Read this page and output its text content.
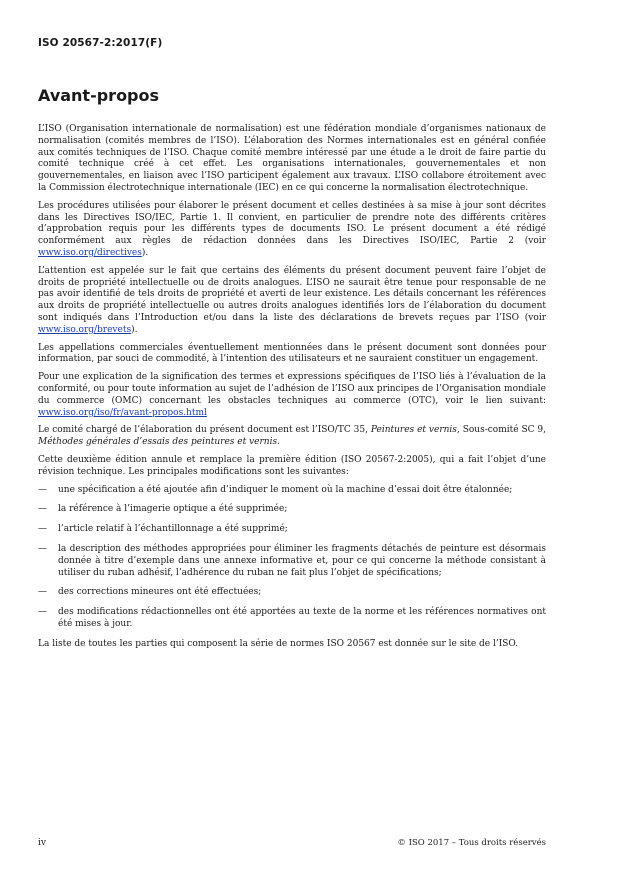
ISO 20567-2:2017(F)
Avant-propos

L’ISO (Organisation internationale de normalisation) est une fédération mondiale d’organismes nationaux de normalisation (comités membres de l’ISO). L’élaboration des Normes internationales est en général confiée aux comités techniques de l’ISO. Chaque comité membre intéressé par une étude a le droit de faire partie du comité technique créé à cet effet. Les organisations internationales, gouvernementales et non gouvernementales, en liaison avec l’ISO participent également aux travaux. L’ISO collabore étroitement avec la Commission électrotechnique internationale (IEC) en ce qui concerne la normalisation électrotechnique.

Les procédures utilisées pour élaborer le présent document et celles destinées à sa mise à jour sont décrites dans les Directives ISO/IEC, Partie 1. Il convient, en particulier de prendre note des différents critères d’approbation requis pour les différents types de documents ISO. Le présent document a été rédigé conformément aux règles de rédaction données dans les Directives ISO/IEC, Partie 2 (voir www.iso.org/directives).

L’attention est appelée sur le fait que certains des éléments du présent document peuvent faire l’objet de droits de propriété intellectuelle ou de droits analogues. L’ISO ne saurait être tenue pour responsable de ne pas avoir identifié de tels droits de propriété et averti de leur existence. Les détails concernant les références aux droits de propriété intellectuelle ou autres droits analogues identifiés lors de l’élaboration du document sont indiqués dans l’Introduction et/ou dans la liste des déclarations de brevets reçues par l’ISO (voir www.iso.org/brevets).

Les appellations commerciales éventuellement mentionnées dans le présent document sont données pour information, par souci de commodité, à l’intention des utilisateurs et ne sauraient constituer un engagement.

Pour une explication de la signification des termes et expressions spécifiques de l’ISO liés à l’évaluation de la conformité, ou pour toute information au sujet de l’adhésion de l’ISO aux principes de l’Organisation mondiale du commerce (OMC) concernant les obstacles techniques au commerce (OTC), voir le lien suivant: www.iso.org/iso/fr/avant-propos.html

Le comité chargé de l’élaboration du présent document est l’ISO/TC 35, Peintures et vernis, Sous-comité SC 9, Méthodes générales d’essais des peintures et vernis.

Cette deuxième édition annule et remplace la première édition (ISO 20567-2:2005), qui a fait l’objet d’une révision technique. Les principales modifications sont les suivantes:

— une spécification a été ajoutée afin d’indiquer le moment où la machine d’essai doit être étalonnée;
— la référence à l’imagerie optique a été supprimée;
— l’article relatif à l’échantillonnage a été supprimé;
— la description des méthodes appropriées pour éliminer les fragments détachés de peinture est désormais donnée à titre d’exemple dans une annexe informative et, pour ce qui concerne la méthode consistant à utiliser du ruban adhésif, l’adhérence du ruban ne fait plus l’objet de spécifications;
— des corrections mineures ont été effectuées;
— des modifications rédactionnelles ont été apportées au texte de la norme et les références normatives ont été mises à jour.

La liste de toutes les parties qui composent la série de normes ISO 20567 est donnée sur le site de l’ISO.

iv	© ISO 2017 – Tous droits réservés
